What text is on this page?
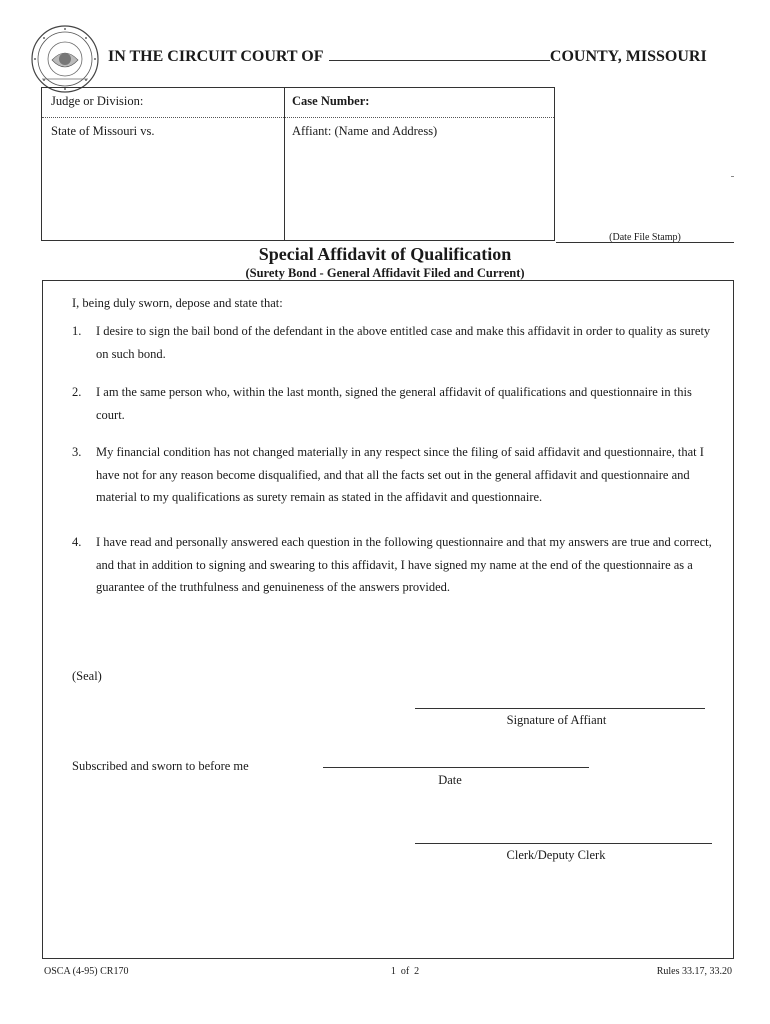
IN THE CIRCUIT COURT OF	COUNTY, MISSOURI
Judge or Division:	Case Number:
State of Missouri vs.	Affiant: (Name and Address)
(Date File Stamp)
Special Affidavit of Qualification
(Surety Bond - General Affidavit Filed and Current)
I, being duly sworn, depose and state that:
1. I desire to sign the bail bond of the defendant in the above entitled case and make this affidavit in order to quality as surety
on such bond.
2. I am the same person who, within the last month, signed the general affidavit of qualifications and questionnaire in this
court.
3. My financial condition has not changed materially in any respect since the filing of said affidavit and questionnaire, that I
have not for any reason become disqualified, and that all the facts set out in the general affidavit and questionnaire and
material to my qualifications as surety remain as stated in the affidavit and questionnaire.
4. I have read and personally answered each question in the following questionnaire and that my answers are true and correct,
and that in addition to signing and swearing to this affidavit, I have signed my name at the end of the questionnaire as a
guarantee of the truthfulness and genuineness of the answers provided.
(Seal)
Signature of Affiant
Subscribed and sworn to before me
Date
Clerk/Deputy Clerk
OSCA (4-95) CR170	1 of 2	Rules 33.17, 33.20
